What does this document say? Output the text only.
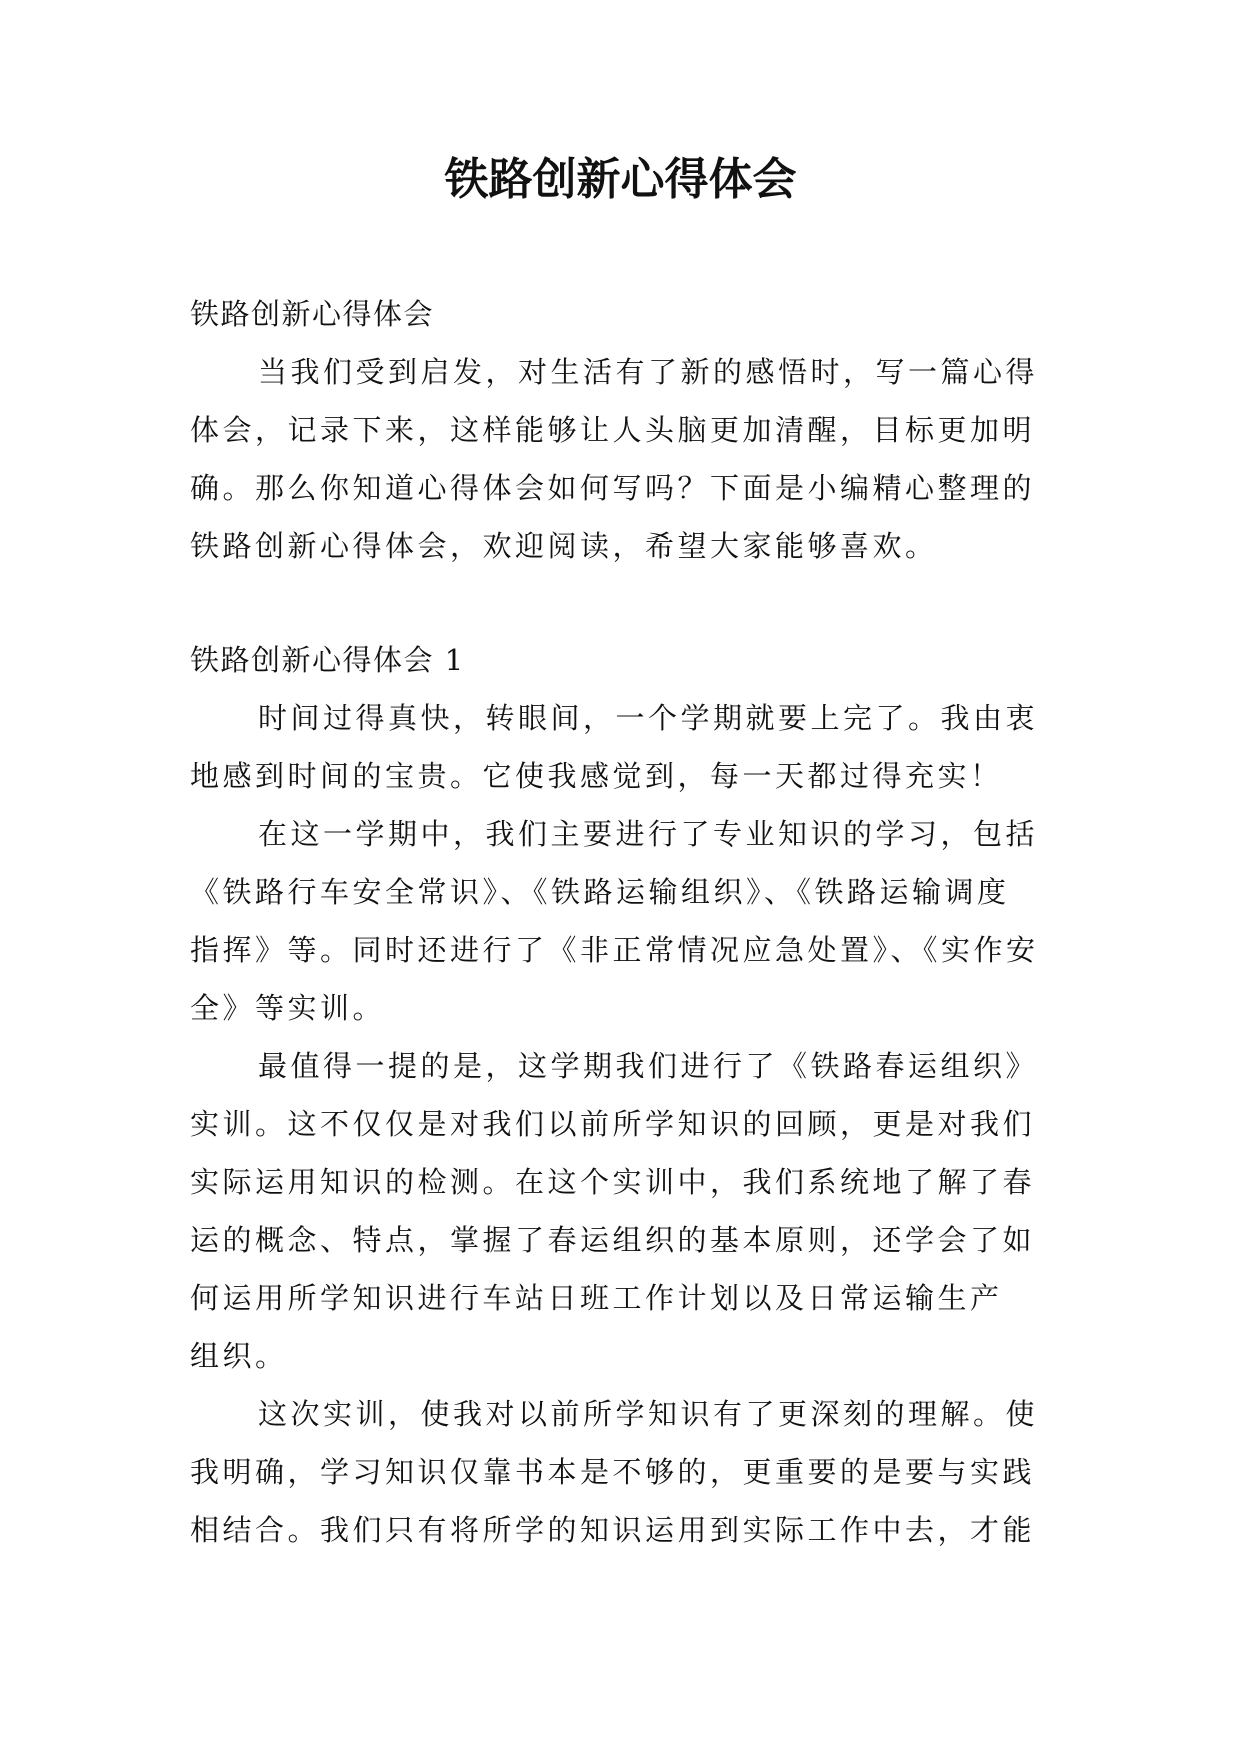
铁路创新心得体会

铁路创新心得体会

当我们受到启发，对生活有了新的感悟时，写一篇心得

体会，记录下来，这样能够让人头脑更加清醒，目标更加明

确。那么你知道心得体会如何写吗？下面是小编精心整理的

铁路创新心得体会，欢迎阅读，希望大家能够喜欢。

铁路创新心得体会 1

时间过得真快，转眼间，一个学期就要上完了。我由衷

地感到时间的宝贵。它使我感觉到，每一天都过得充实！

在这一学期中，我们主要进行了专业知识的学习，包括

《铁路行车安全常识》、《铁路运输组织》、《铁路运输调度

指挥》等。同时还进行了《非正常情况应急处置》、《实作安

全》等实训。

最值得一提的是，这学期我们进行了《铁路春运组织》

实训。这不仅仅是对我们以前所学知识的回顾，更是对我们

实际运用知识的检测。在这个实训中，我们系统地了解了春

运的概念、特点，掌握了春运组织的基本原则，还学会了如

何运用所学知识进行车站日班工作计划以及日常运输生产

组织。

这次实训，使我对以前所学知识有了更深刻的理解。使

我明确，学习知识仅靠书本是不够的，更重要的是要与实践

相结合。我们只有将所学的知识运用到实际工作中去，才能
